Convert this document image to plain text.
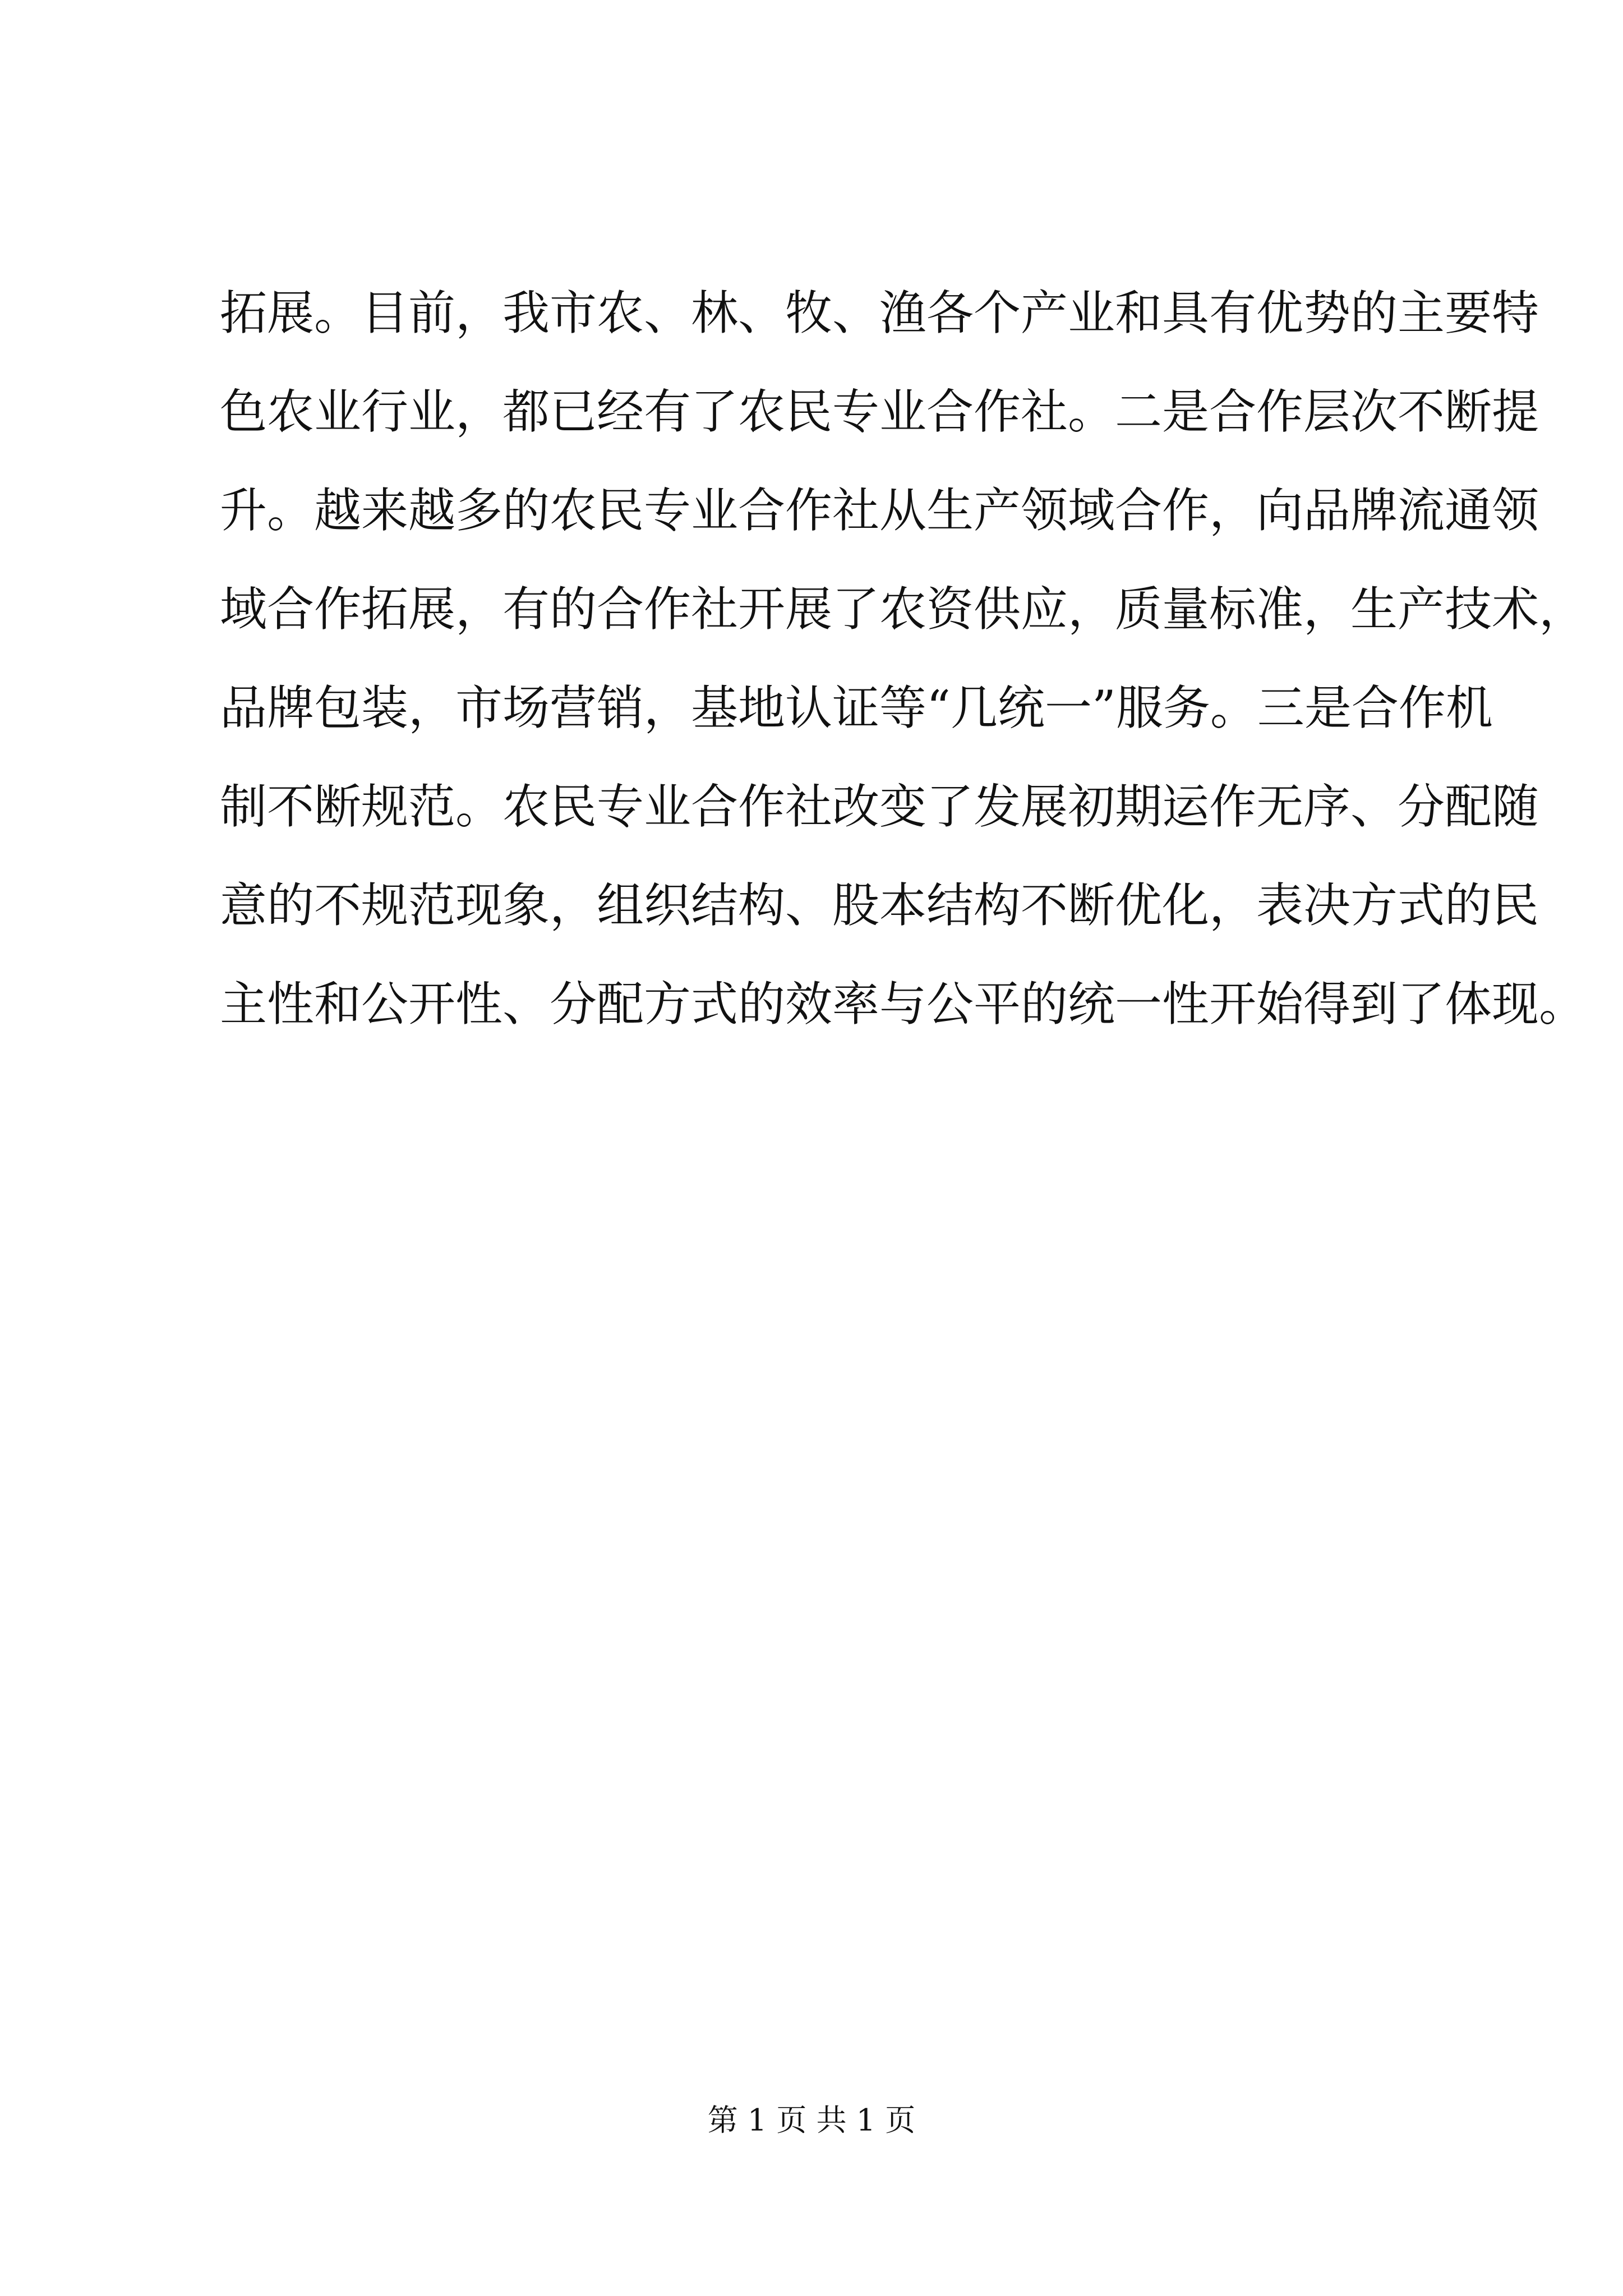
拓展。目前，我市农、林、牧、渔各个产业和具有优势的主要特
色农业行业，都已经有了农民专业合作社。二是合作层次不断提
升。越来越多的农民专业合作社从生产领域合作，向品牌流通领
域合作拓展，有的合作社开展了农资供应，质量标准，生产技术，
品牌包装，市场营销，基地认证等“几统一”服务。三是合作机
制不断规范。农民专业合作社改变了发展初期运作无序、分配随
意的不规范现象，组织结构、股本结构不断优化，表决方式的民
主性和公开性、分配方式的效率与公平的统一性开始得到了体现。
第 1 页 共 1 页
